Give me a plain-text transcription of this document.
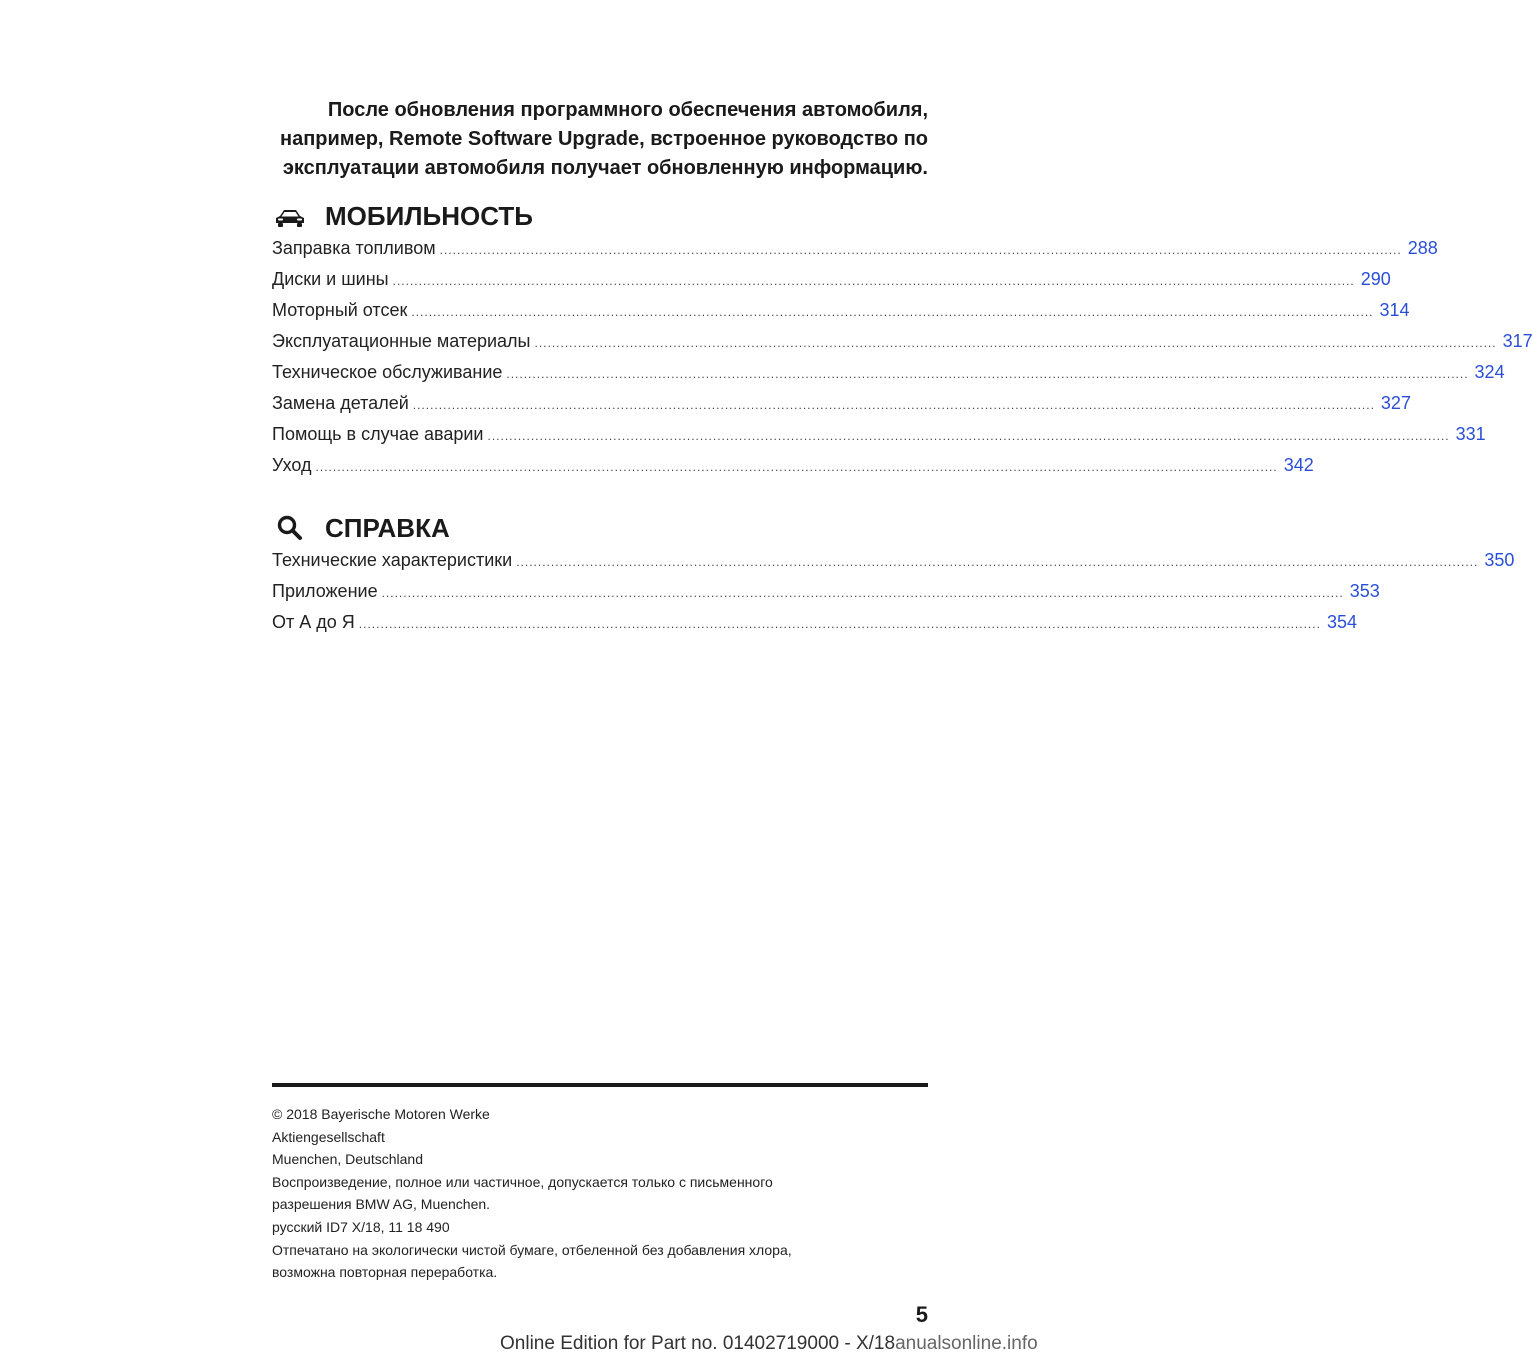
После обновления программного обеспечения автомобиля,
например, Remote Software Upgrade, встроенное руководство по
эксплуатации автомобиля получает обновленную информацию.
МОБИЛЬНОСТЬ
Заправка топливом .....	288
Диски и шины .....	290
Моторный отсек .....	314
Эксплуатационные материалы .....	317
Техническое обслуживание .....	324
Замена деталей .....	327
Помощь в случае аварии .....	331
Уход .....	342
СПРАВКА
Технические характеристики .....	350
Приложение .....	353
От А до Я .....	354
© 2018 Bayerische Motoren Werke
Aktiengesellschaft
Muenchen, Deutschland
Воспроизведение, полное или частичное, допускается только с письменного
разрешения BMW AG, Muenchen.
русский ID7 X/18, 11 18 490
Отпечатано на экологически чистой бумаге, отбеленной без добавления хлора,
возможна повторная переработка.
5
Online Edition for Part no. 01402719000 - X/18anualsonline.info
